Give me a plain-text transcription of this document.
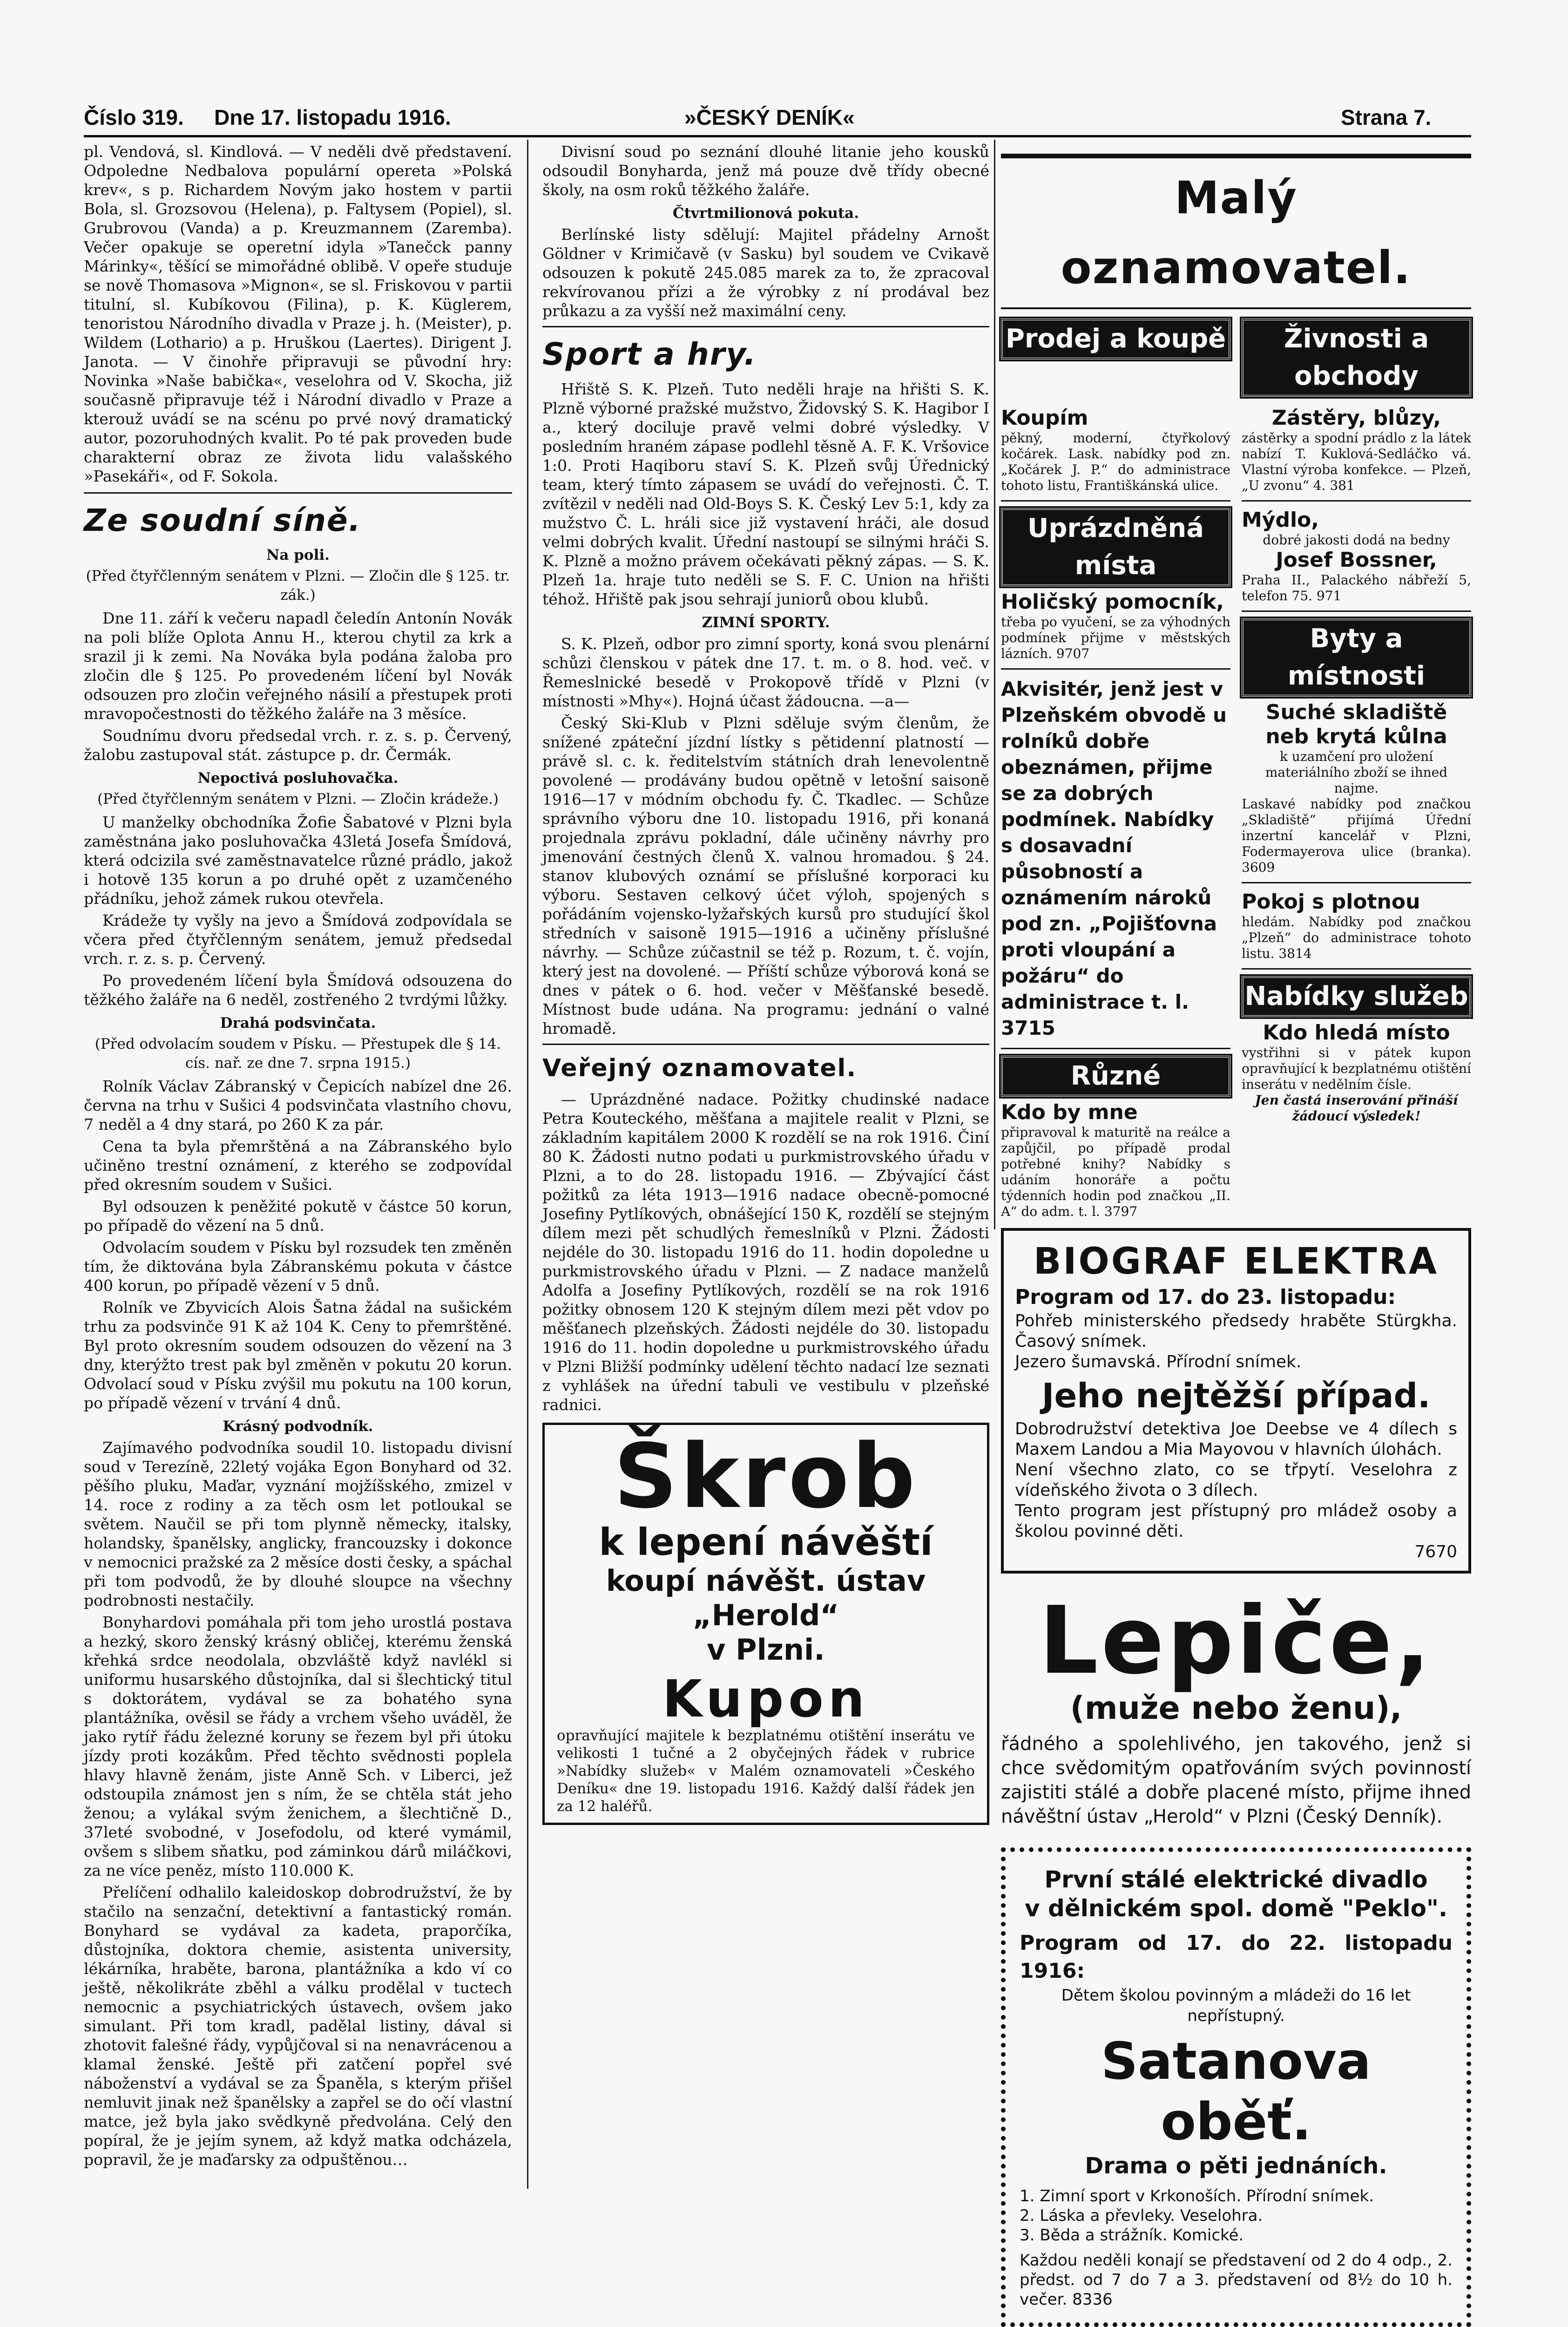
Číslo 319. Dne 17. listopadu 1916.	»ČESKÝ DENÍK«	Strana 7.

pl. Vendová, sl. Kindlová. — V neděli dvě představení. Odpoledne Nedbalova populární opereta »Polská krev«, s p. Richardem Novým jako hostem v partii Bola, sl. Grozsovou (Helena), p. Faltysem (Popiel), sl. Grubrovou (Vanda) a p. Kreuzmannem (Zaremba). Večer opakuje se operetní idyla »Tanečck panny Márinky«, těšící se mimořádné oblibě. V opeře studuje se nově Thomasova »Mignon«, se sl. Friskovou v partii titulní, sl. Kubíkovou (Filina), p. K. Küglerem, tenoristou Národního divadla v Praze j. h. (Meister), p. Wildem (Lothario) a p. Hruškou (Laertes). Dirigent J. Janota. — V činohře připravuji se původní hry: Novinka »Naše babička«, veselohra od V. Skocha, již současně připravuje též i Národní divadlo v Praze a kterouž uvádí se na scénu po prvé nový dramatický autor, pozoruhodných kvalit. Po té pak proveden bude charakterní obraz ze života lidu valašského »Pasekáři«, od F. Sokola.

Ze soudní síně.
Na poli.
(Před čtyřčlenným senátem v Plzni. — Zločin dle § 125. tr. zák.)

Dne 11. září k večeru napadl čeledín Antonín Novák na poli blíže Oplota Annu H., kterou chytil za krk a srazil ji k zemi. Na Nováka byla podána žaloba pro zločin dle § 125. Po provedeném líčení byl Novák odsouzen pro zločin veřejného násilí a přestupek proti mravopočestnosti do těžkého žaláře na 3 měsíce.

Soudnímu dvoru předsedal vrch. r. z. s. p. Červený, žalobu zastupoval stát. zástupce p. dr. Čermák.

Nepoctivá posluhovačka.
(Před čtyřčlenným senátem v Plzni. — Zločin krádeže.)

U manželky obchodníka Žofie Šabatové v Plzni byla zaměstnána jako posluhovačka 43letá Josefa Šmídová, která odcizila své zaměstnavatelce různé prádlo, jakož i hotově 135 korun a po druhé opět z uzamčeného přádníku, jehož zámek rukou otevřela.

Krádeže ty vyšly na jevo a Šmídová zodpovídala se včera před čtyřčlenným senátem, jemuž předsedal vrch. r. z. s. p. Červený.

Po provedeném líčení byla Šmídová odsouzena do těžkého žaláře na 6 neděl, zostřeného 2 tvrdými lůžky.

Drahá podsvinčata.
(Před odvolacím soudem v Písku. — Přestupek dle § 14. cís. nař. ze dne 7. srpna 1915.)

Rolník Václav Zábranský v Čepicích nabízel dne 26. června na trhu v Sušici 4 podsvinčata vlastního chovu, 7 neděl a 4 dny stará, po 260 K za pár.

Cena ta byla přemrštěná a na Zábranského bylo učiněno trestní oznámení, z kterého se zodpovídal před okresním soudem v Sušici.

Byl odsouzen k peněžité pokutě v částce 50 korun, po případě do vězení na 5 dnů.

Odvolacím soudem v Písku byl rozsudek ten změněn tím, že diktována byla Zábranskému pokuta v částce 400 korun, po případě vězení v 5 dnů.

Rolník ve Zbyvicích Alois Šatna žádal na sušickém trhu za podsvinče 91 K až 104 K. Ceny to přemrštěné. Byl proto okresním soudem odsouzen do vězení na 3 dny, kterýžto trest pak byl změněn v pokutu 20 korun. Odvolací soud v Písku zvýšil mu pokutu na 100 korun, po případě vězení v trvání 4 dnů.

Krásný podvodník.

Zajímavého podvodníka soudil 10. listopadu divisní soud v Terezíně, 22letý vojáka Egon Bonyhard od 32. pěšího pluku, Maďar, vyznání mojžíšského, zmizel v 14. roce z rodiny a za těch osm let potloukal se světem. Naučil se při tom plynně německy, italsky, holandsky, španělsky, anglicky, francouzsky i dokonce v nemocnici pražské za 2 měsíce dosti česky, a spáchal při tom podvodů, že by dlouhé sloupce na všechny podrobnosti nestačily.

Bonyhardovi pomáhala při tom jeho urostlá postava a hezký, skoro ženský krásný obličej, kterému ženská křehká srdce neodolala, obzvláště když navlékl si uniformu husarského důstojníka, dal si šlechtický titul s doktorátem, vydával se za bohatého syna plantážníka, ověsil se řády a vrchem všeho uváděl, že jako rytíř řádu železné koruny se řezem byl při útoku jízdy proti kozákům. Před těchto svědnosti poplela hlavy hlavně ženám, jiste Anně Sch. v Liberci, jež odstoupila známost jen s ním, že se chtěla stát jeho ženou; a vylákal svým ženichem, a šlechtičně D., 37leté svobodné, v Josefodolu, od které vymámil, ovšem s slibem sňatku, pod záminkou dárů miláčkovi, za ne více peněz, místo 110.000 K.

Přelíčení odhalilo kaleidoskop dobrodružství, že by stačilo na senzační, detektivní a fantastický román. Bonyhard se vydával za kadeta, praporčíka, důstojníka, doktora chemie, asistenta university, lékárníka, hraběte, barona, plantážníka a kdo ví co ještě, několikráte zběhl a válku prodělal v tuctech nemocnic a psychiatrických ústavech, ovšem jako simulant. Při tom kradl, padělal listiny, dával si zhotovit falešné řády, vypůjčoval si na nenavrácenou a klamal ženské. Ještě při zatčení popřel své náboženství a vydával se za Španěla, s kterým přišel nemluvit jinak než španělsky a zapřel se do očí vlastní matce, jež byla jako svědkyně předvolána. Celý den popíral, že je jejím synem, až když matka odcházela, popravil, že je maďarsky za odpuštěnou…

Divisní soud po seznání dlouhé litanie jeho kousků odsoudil Bonyharda, jenž má pouze dvě třídy obecné školy, na osm roků těžkého žaláře.

Čtvrtmilionová pokuta.

Berlínské listy sdělují: Majitel přádelny Arnošt Göldner v Krimičavě (v Sasku) byl soudem ve Cvikavě odsouzen k pokutě 245.085 marek za to, že zpracoval rekvírovanou přízi a že výrobky z ní prodával bez průkazu a za vyšší než maximální ceny.

Sport a hry.

Hřiště S. K. Plzeň. Tuto neděli hraje na hřišti S. K. Plzně výborné pražské mužstvo, Židovský S. K. Hagibor I a., který dociluje pravě velmi dobré výsledky. V posledním hraném zápase podlehl těsně A. F. K. Vršovice 1:0. Proti Haqiboru staví S. K. Plzeň svůj Úřednický team, který tímto zápasem se uvádí do veřejnosti. Č. T. zvítězil v neděli nad Old-Boys S. K. Český Lev 5:1, kdy za mužstvo Č. L. hráli sice již vystavení hráči, ale dosud velmi dobrých kvalit. Úřední nastoupí se silnými hráči S. K. Plzně a možno právem očekávati pěkný zápas. — S. K. Plzeň 1a. hraje tuto neděli se S. F. C. Union na hřišti téhož. Hřiště pak jsou sehrají juniorů obou klubů.

ZIMNÍ SPORTY.

S. K. Plzeň, odbor pro zimní sporty, koná svou plenární schůzi členskou v pátek dne 17. t. m. o 8. hod. več. v Řemeslnické besedě v Prokopově třídě v Plzni (v místnosti »Mhy«). Hojná účast žádoucna. —a—

Český Ski-Klub v Plzni sděluje svým členům, že snížené zpáteční jízdní lístky s pětidenní platností — právě sl. c. k. ředitelstvím státních drah lenevolentně povolené — prodávány budou opětně v letošní saisoně 1916—17 v módním obchodu fy. Č. Tkadlec. — Schůze správního výboru dne 10. listopadu 1916, při konaná projednala zprávu pokladní, dále učiněny návrhy pro jmenování čestných členů X. valnou hromadou. § 24. stanov klubových oznámí se příslušné korporaci ku výboru. Sestaven celkový účet výloh, spojených s pořádáním vojensko-lyžařských kursů pro studující škol středních v saisoně 1915—1916 a učiněny příslušné návrhy. — Schůze zúčastnil se též p. Rozum, t. č. vojín, který jest na dovolené. — Příští schůze výborová koná se dnes v pátek o 6. hod. večer v Měšťanské besedě. Místnost bude udána. Na programu: jednání o valné hromadě.

Veřejný oznamovatel.

— Uprázdněné nadace. Požitky chudinské nadace Petra Kouteckého, měšťana a majitele realit v Plzni, se základním kapitálem 2000 K rozdělí se na rok 1916. Činí 80 K. Žádosti nutno podati u purkmistrovského úřadu v Plzni, a to do 28. listopadu 1916. — Zbývající část požitků za léta 1913—1916 nadace obecně-pomocné Josefiny Pytlíkových, obnášející 150 K, rozdělí se stejným dílem mezi pět schudlých řemeslníků v Plzni. Žádosti nejdéle do 30. listopadu 1916 do 11. hodin dopoledne u purkmistrovského úřadu v Plzni. — Z nadace manželů Adolfa a Josefiny Pytlíkových, rozdělí se na rok 1916 požitky obnosem 120 K stejným dílem mezi pět vdov po měšťanech plzeňských. Žádosti nejdéle do 30. listopadu 1916 do 11. hodin dopoledne u purkmistrovského úřadu v Plzni Bližší podmínky udělení těchto nadací lze seznati z vyhlášek na úřední tabuli ve vestibulu v plzeňské radnici.

Škrob
k lepení návěští
koupí návěšt. ústav „Herold“
v Plzni.
Kupon
opravňující majitele k bezplatnému otištění inserátu ve velikosti 1 tučné a 2 obyčejných řádek v rubrice »Nabídky služeb« v Malém oznamovateli »Českého Deníku« dne 19. listopadu 1916. Každý další řádek jen za 12 haléřů.
Malý oznamovatel.
Prodej a koupě	Živnosti a obchody
Koupím
pěkný, moderní, čtyřkolový kočárek. Lask. nabídky pod zn. „Kočárek J. P.“ do administrace tohoto listu, Františkánská ulice.
Uprázdněná místa
Holičský pomocník,
třeba po vyučení, se za výhodných podmínek přijme v městských lázních. 9707
Akvisitér, jenž jest v Plzeňském obvodě u rolníků dobře obeznámen, přijme se za dobrých podmínek. Nabídky s dosavadní působností a oznámením nároků pod zn. „Pojišťovna proti vloupání a požáru“ do administrace t. l. 3715
Různé
Kdo by mne
připravoval k maturitě na reálce a zapůjčil, po případě prodal potřebné knihy? Nabídky s udáním honoráře a počtu týdenních hodin pod značkou „II. A“ do adm. t. l. 3797
Zástěry, blůzy,
zástěrky a spodní prádlo z la látek nabízí T. Kuklová-Sedláčko vá. Vlastní výroba konfekce. — Plzeň, „U zvonu“ 4. 381
Mýdlo,
dobré jakosti dodá na bedny
Josef Bossner,
Praha II., Palackého nábřeží 5, telefon 75. 971
Byty a místnosti
Suché skladiště neb krytá kůlna
k uzamčení pro uložení materiálního zboží se ihned najme.
Laskavé nabídky pod značkou „Skladiště“ přijímá Úřední inzertní kancelář v Plzni, Fodermayerova ulice (branka). 3609
Pokoj s plotnou
hledám. Nabídky pod značkou „Plzeň“ do administrace tohoto listu. 3814
Nabídky služeb
Kdo hledá místo
vystřihni si v pátek kupon opravňující k bezplatnému otištění inserátu v nedělním čísle.
Jen častá inserování přináší žádoucí výsledek!
BIOGRAF ELEKTRA
Program od 17. do 23. listopadu:
Pohřeb ministerského předsedy hraběte Stürgkha. Časový snímek.
Jezero šumavská. Přírodní snímek.
Jeho nejtěžší případ.
Dobrodružství detektiva Joe Deebse ve 4 dílech s Maxem Landou a Mia Mayovou v hlavních úlohách.
Není všechno zlato, co se třpytí. Veselohra z vídeňského života o 3 dílech.
Tento program jest přístupný pro mládež osoby a školou povinné děti.
7670
Lepiče,
(muže nebo ženu),
řádného a spolehlivého, jen takového, jenž si chce svědomitým opatřováním svých povinností zajistiti stálé a dobře placené místo, přijme ihned návěštní ústav „Herold“ v Plzni (Český Denník).
První stálé elektrické divadlo
v dělnickém spol. domě "Peklo".
Program od 17. do 22. listopadu 1916:
Dětem školou povinným a mládeži do 16 let nepřístupný.
Satanova oběť.
Drama o pěti jednáních.
1. Zimní sport v Krkonoších. Přírodní snímek.
2. Láska a převleky. Veselohra.
3. Běda a strážník. Komické.
Každou neděli konají se představení od 2 do 4 odp., 2. předst. od 7 do 7 a 3. představení od 8½ do 10 h. večer. 8336
